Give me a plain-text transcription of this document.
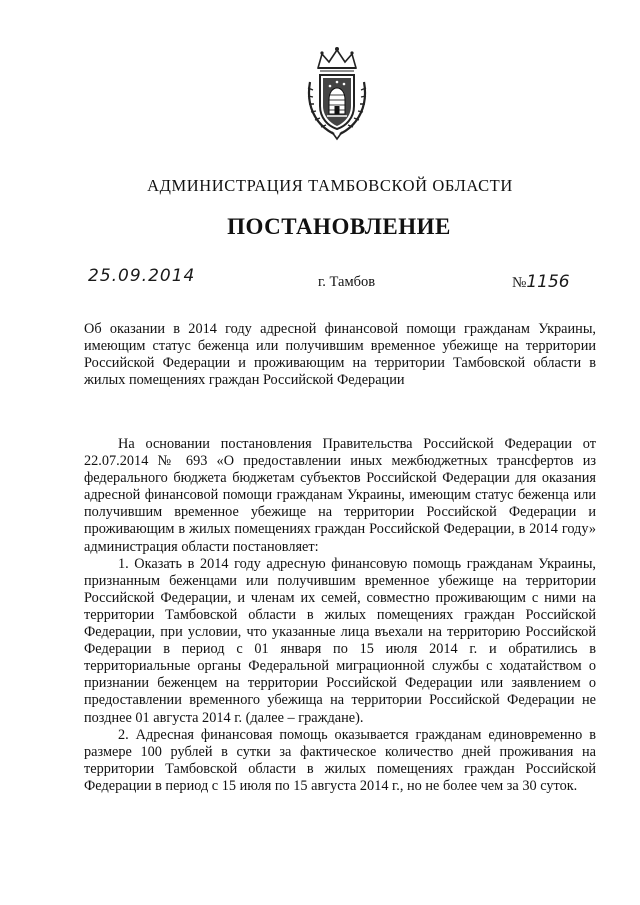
АДМИНИСТРАЦИЯ ТАМБОВСКОЙ ОБЛАСТИ
ПОСТАНОВЛЕНИЕ
25.09.2014	г. Тамбов	№1156
Об оказании в 2014 году адресной финансовой помощи гражданам Украины, имеющим статус беженца или получившим временное убежище на территории Российской Федерации и проживающим на территории Тамбовской области в жилых помещениях граждан Российской Федерации

На основании постановления Правительства Российской Федерации от 22.07.2014 № 693 «О предоставлении иных межбюджетных трансфертов из федерального бюджета бюджетам субъектов Российской Федерации для оказания адресной финансовой помощи гражданам Украины, имеющим статус беженца или получившим временное убежище на территории Российской Федерации и проживающим в жилых помещениях граждан Российской Федерации, в 2014 году» администрация области постановляет:

1. Оказать в 2014 году адресную финансовую помощь гражданам Украины, признанным беженцами или получившим временное убежище на территории Российской Федерации, и членам их семей, совместно проживающим с ними на территории Тамбовской области в жилых помещениях граждан Российской Федерации, при условии, что указанные лица въехали на территорию Российской Федерации в период с 01 января по 15 июля 2014 г. и обратились в территориальные органы Федеральной миграционной службы с ходатайством о признании беженцем на территории Российской Федерации или заявлением о предоставлении временного убежища на территории Российской Федерации не позднее 01 августа 2014 г. (далее – граждане).

2. Адресная финансовая помощь оказывается гражданам единовременно в размере 100 рублей в сутки за фактическое количество дней проживания на территории Тамбовской области в жилых помещениях граждан Российской Федерации в период с 15 июля по 15 августа 2014 г., но не более чем за 30 суток.
